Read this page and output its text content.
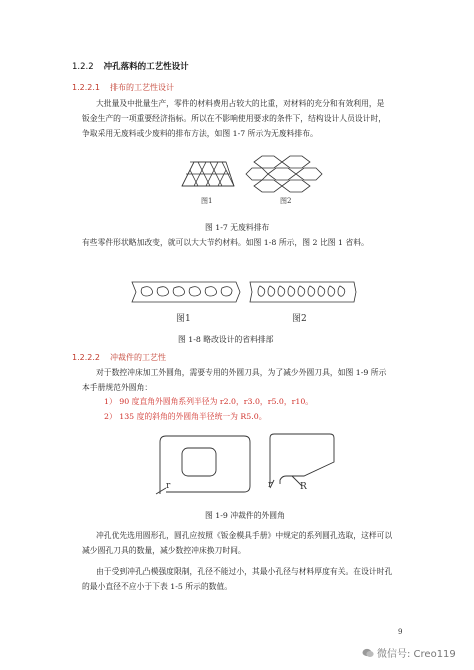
1.2.2 冲孔落料的工艺性设计
1.2.2.1 排布的工艺性设计
大批量及中批量生产，零件的材料费用占较大的比重，对材料的充分和有效利用，是
钣金生产的一项重要经济指标。所以在不影响使用要求的条件下，结构设计人员设计时，
争取采用无废料或少废料的排布方法，如图 1-7 所示为无废料排布。
图1	图2
图 1-7 无废料排布
有些零件形状略加改变，就可以大大节约材料。如图 1-8 所示，图 2 比图 1 省料。
图1	图2
图 1-8 略改设计的省料排部
1.2.2.2 冲裁件的工艺性
对于数控冲床加工外圆角，需要专用的外圆刀具，为了减少外圆刀具，如图 1-9 所示
本手册规范外圆角：
1） 90 度直角外圆角系列半径为 r2.0，r3.0，r5.0，r10。
2） 135 度的斜角的外圆角半径统一为 R5.0。
r	r	R
图 1-9 冲裁件的外圆角
冲孔优先选用圆形孔，圆孔应按照《钣金模具手册》中规定的系列圆孔选取，这样可以
减少圆孔刀具的数量，减少数控冲床换刀时间。
由于受到冲孔凸模强度限制，孔径不能过小，其最小孔径与材料厚度有关。在设计时孔
的最小直径不应小于下表 1-5 所示的数值。
9
微信号: Creo119
